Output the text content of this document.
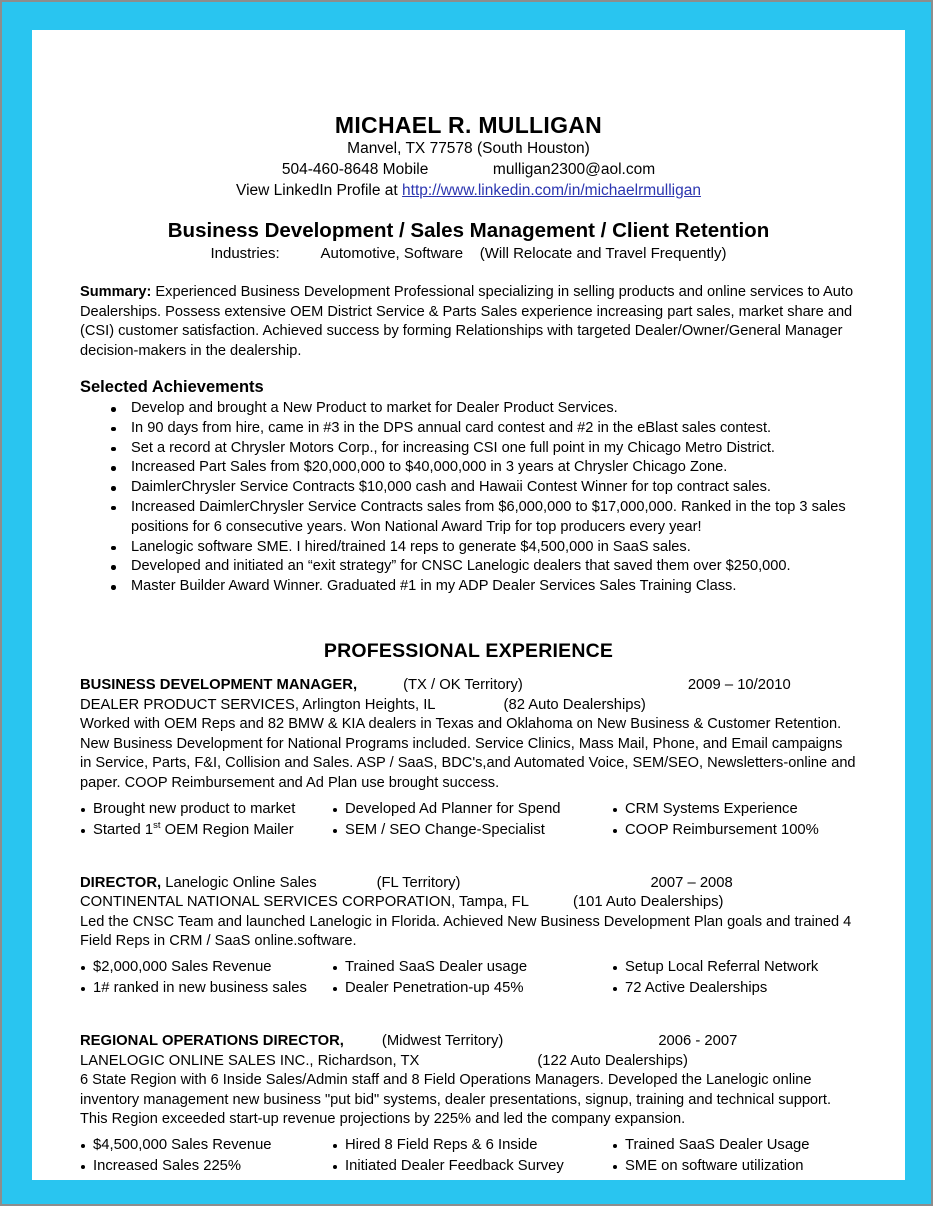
MICHAEL R. MULLIGAN
Manvel, TX 77578 (South Houston)
504-460-8648 Mobile               mulligan2300@aol.com
View LinkedIn Profile at http://www.linkedin.com/in/michaelrmulligan
Business Development / Sales Management / Client Retention
Industries:          Automotive, Software    (Will Relocate and Travel Frequently)
Summary: Experienced Business Development Professional specializing in selling products and online services to Auto Dealerships. Possess extensive OEM District Service & Parts Sales experience increasing part sales, market share and (CSI) customer satisfaction. Achieved success by forming Relationships with targeted Dealer/Owner/General Manager decision-makers in the dealership.
Selected Achievements
Develop and brought a New Product to market for Dealer Product Services.
In 90 days from hire, came in #3 in the DPS annual card contest and #2 in the eBlast sales contest.
Set a record at Chrysler Motors Corp., for increasing CSI one full point in my Chicago Metro District.
Increased Part Sales from $20,000,000 to $40,000,000 in 3 years at Chrysler Chicago Zone.
DaimlerChrysler Service Contracts $10,000 cash and Hawaii Contest Winner for top contract sales.
Increased DaimlerChrysler Service Contracts sales from $6,000,000 to $17,000,000. Ranked in the top 3 sales positions for 6 consecutive years. Won National Award Trip for top producers every year!
Lanelogic software SME. I hired/trained 14 reps to generate $4,500,000 in SaaS sales.
Developed and initiated an “exit strategy” for CNSC Lanelogic dealers that saved them over $250,000.
Master Builder Award Winner. Graduated #1 in my ADP Dealer Services Sales Training Class.
PROFESSIONAL EXPERIENCE
BUSINESS DEVELOPMENT MANAGER,	(TX / OK Territory)	2009 – 10/2010
DEALER PRODUCT SERVICES, Arlington Heights, IL	(82 Auto Dealerships)
Worked with OEM Reps and 82 BMW & KIA dealers in Texas and Oklahoma on New Business & Customer Retention. New Business Development for National Programs included. Service Clinics, Mass Mail, Phone, and Email campaigns in Service, Parts, F&I, Collision and Sales. ASP / SaaS, BDC's,and Automated Voice, SEM/SEO, Newsletters-online and paper. COOP Reimbursement and Ad Plan use brought success.
Brought new product to market	Developed Ad Planner for Spend	CRM Systems Experience
Started 1st OEM Region Mailer	SEM / SEO Change-Specialist	COOP Reimbursement 100%
DIRECTOR, Lanelogic Online Sales	(FL Territory)	2007 – 2008
CONTINENTAL NATIONAL SERVICES CORPORATION, Tampa, FL	(101 Auto Dealerships)
Led the CNSC Team and launched Lanelogic in Florida. Achieved New Business Development Plan goals and trained 4 Field Reps in CRM / SaaS online.software.
$2,000,000 Sales Revenue	Trained SaaS Dealer usage	Setup Local Referral Network
1# ranked in new business sales	Dealer Penetration-up 45%	72 Active Dealerships
REGIONAL OPERATIONS DIRECTOR,	(Midwest Territory)	2006 - 2007
LANELOGIC ONLINE SALES INC., Richardson, TX	(122 Auto Dealerships)
6 State Region with 6 Inside Sales/Admin staff and 8 Field Operations Managers. Developed the Lanelogic online inventory management new business "put bid" systems, dealer presentations, signup, training and technical support. This Region exceeded start-up revenue projections by 225% and led the company expansion.
$4,500,000 Sales Revenue	Hired 8 Field Reps & 6 Inside	Trained SaaS Dealer Usage
Increased Sales 225%	Initiated Dealer Feedback Survey	SME on software utilization
